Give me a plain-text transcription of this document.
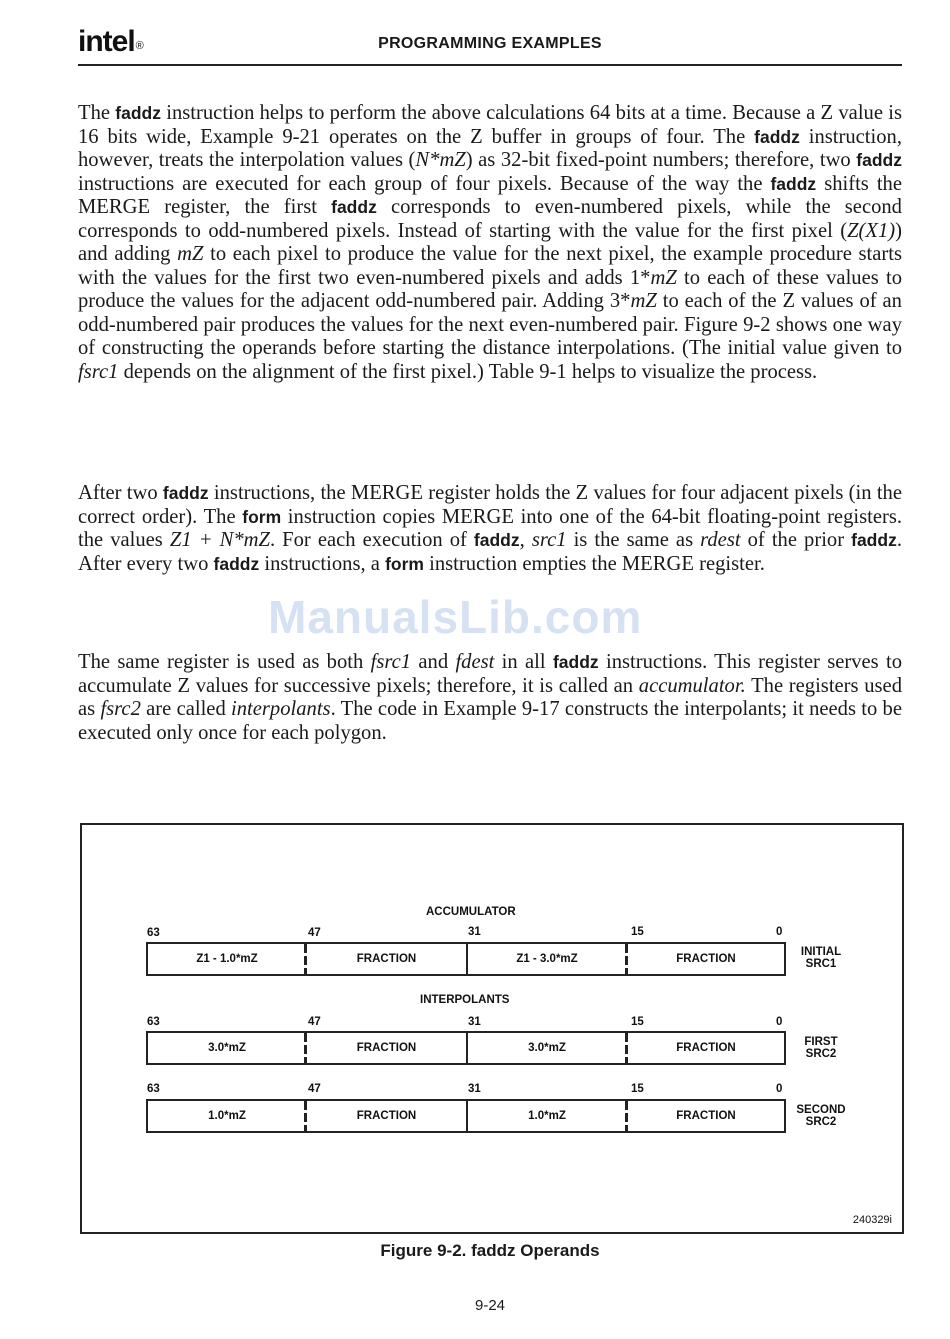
intel®	PROGRAMMING EXAMPLES

The faddz instruction helps to perform the above calculations 64 bits at a time. Because a Z value is 16 bits wide, Example 9-21 operates on the Z buffer in groups of four. The faddz instruction, however, treats the interpolation values (N*mZ) as 32-bit fixed-point numbers; therefore, two faddz instructions are executed for each group of four pixels. Because of the way the faddz shifts the MERGE register, the first faddz corresponds to even-numbered pixels, while the second corresponds to odd-numbered pixels. Instead of starting with the value for the first pixel (Z(X1)) and adding mZ to each pixel to produce the value for the next pixel, the example procedure starts with the values for the first two even-numbered pixels and adds 1*mZ to each of these values to produce the values for the adjacent odd-numbered pair. Adding 3*mZ to each of the Z values of an odd-numbered pair produces the values for the next even-numbered pair. Figure 9-2 shows one way of constructing the operands before starting the distance interpolations. (The initial value given to fsrc1 depends on the alignment of the first pixel.) Table 9-1 helps to visualize the process.

After two faddz instructions, the MERGE register holds the Z values for four adjacent pixels (in the correct order). The form instruction copies MERGE into one of the 64-bit floating-point registers. the values Z1 + N*mZ. For each execution of faddz, src1 is the same as rdest of the prior faddz. After every two faddz instructions, a form instruction empties the MERGE register.

The same register is used as both fsrc1 and fdest in all faddz instructions. This register serves to accumulate Z values for successive pixels; therefore, it is called an accumulator. The registers used as fsrc2 are called interpolants. The code in Example 9-17 constructs the interpolants; it needs to be executed only once for each polygon.

ManualsLib.com
ACCUMULATOR
63	47	31	15	0
Z1 - 1.0*mZ	FRACTION	Z1 - 3.0*mZ	FRACTION
INITIAL
SRC1
INTERPOLANTS
63	47	31	15	0
3.0*mZ	FRACTION	3.0*mZ	FRACTION	FIRST
SRC2
63	47	31	15	0
1.0*mZ	FRACTION	1.0*mZ	FRACTION	SECOND
SRC2
240329i
Figure 9-2. faddz Operands
9-24
